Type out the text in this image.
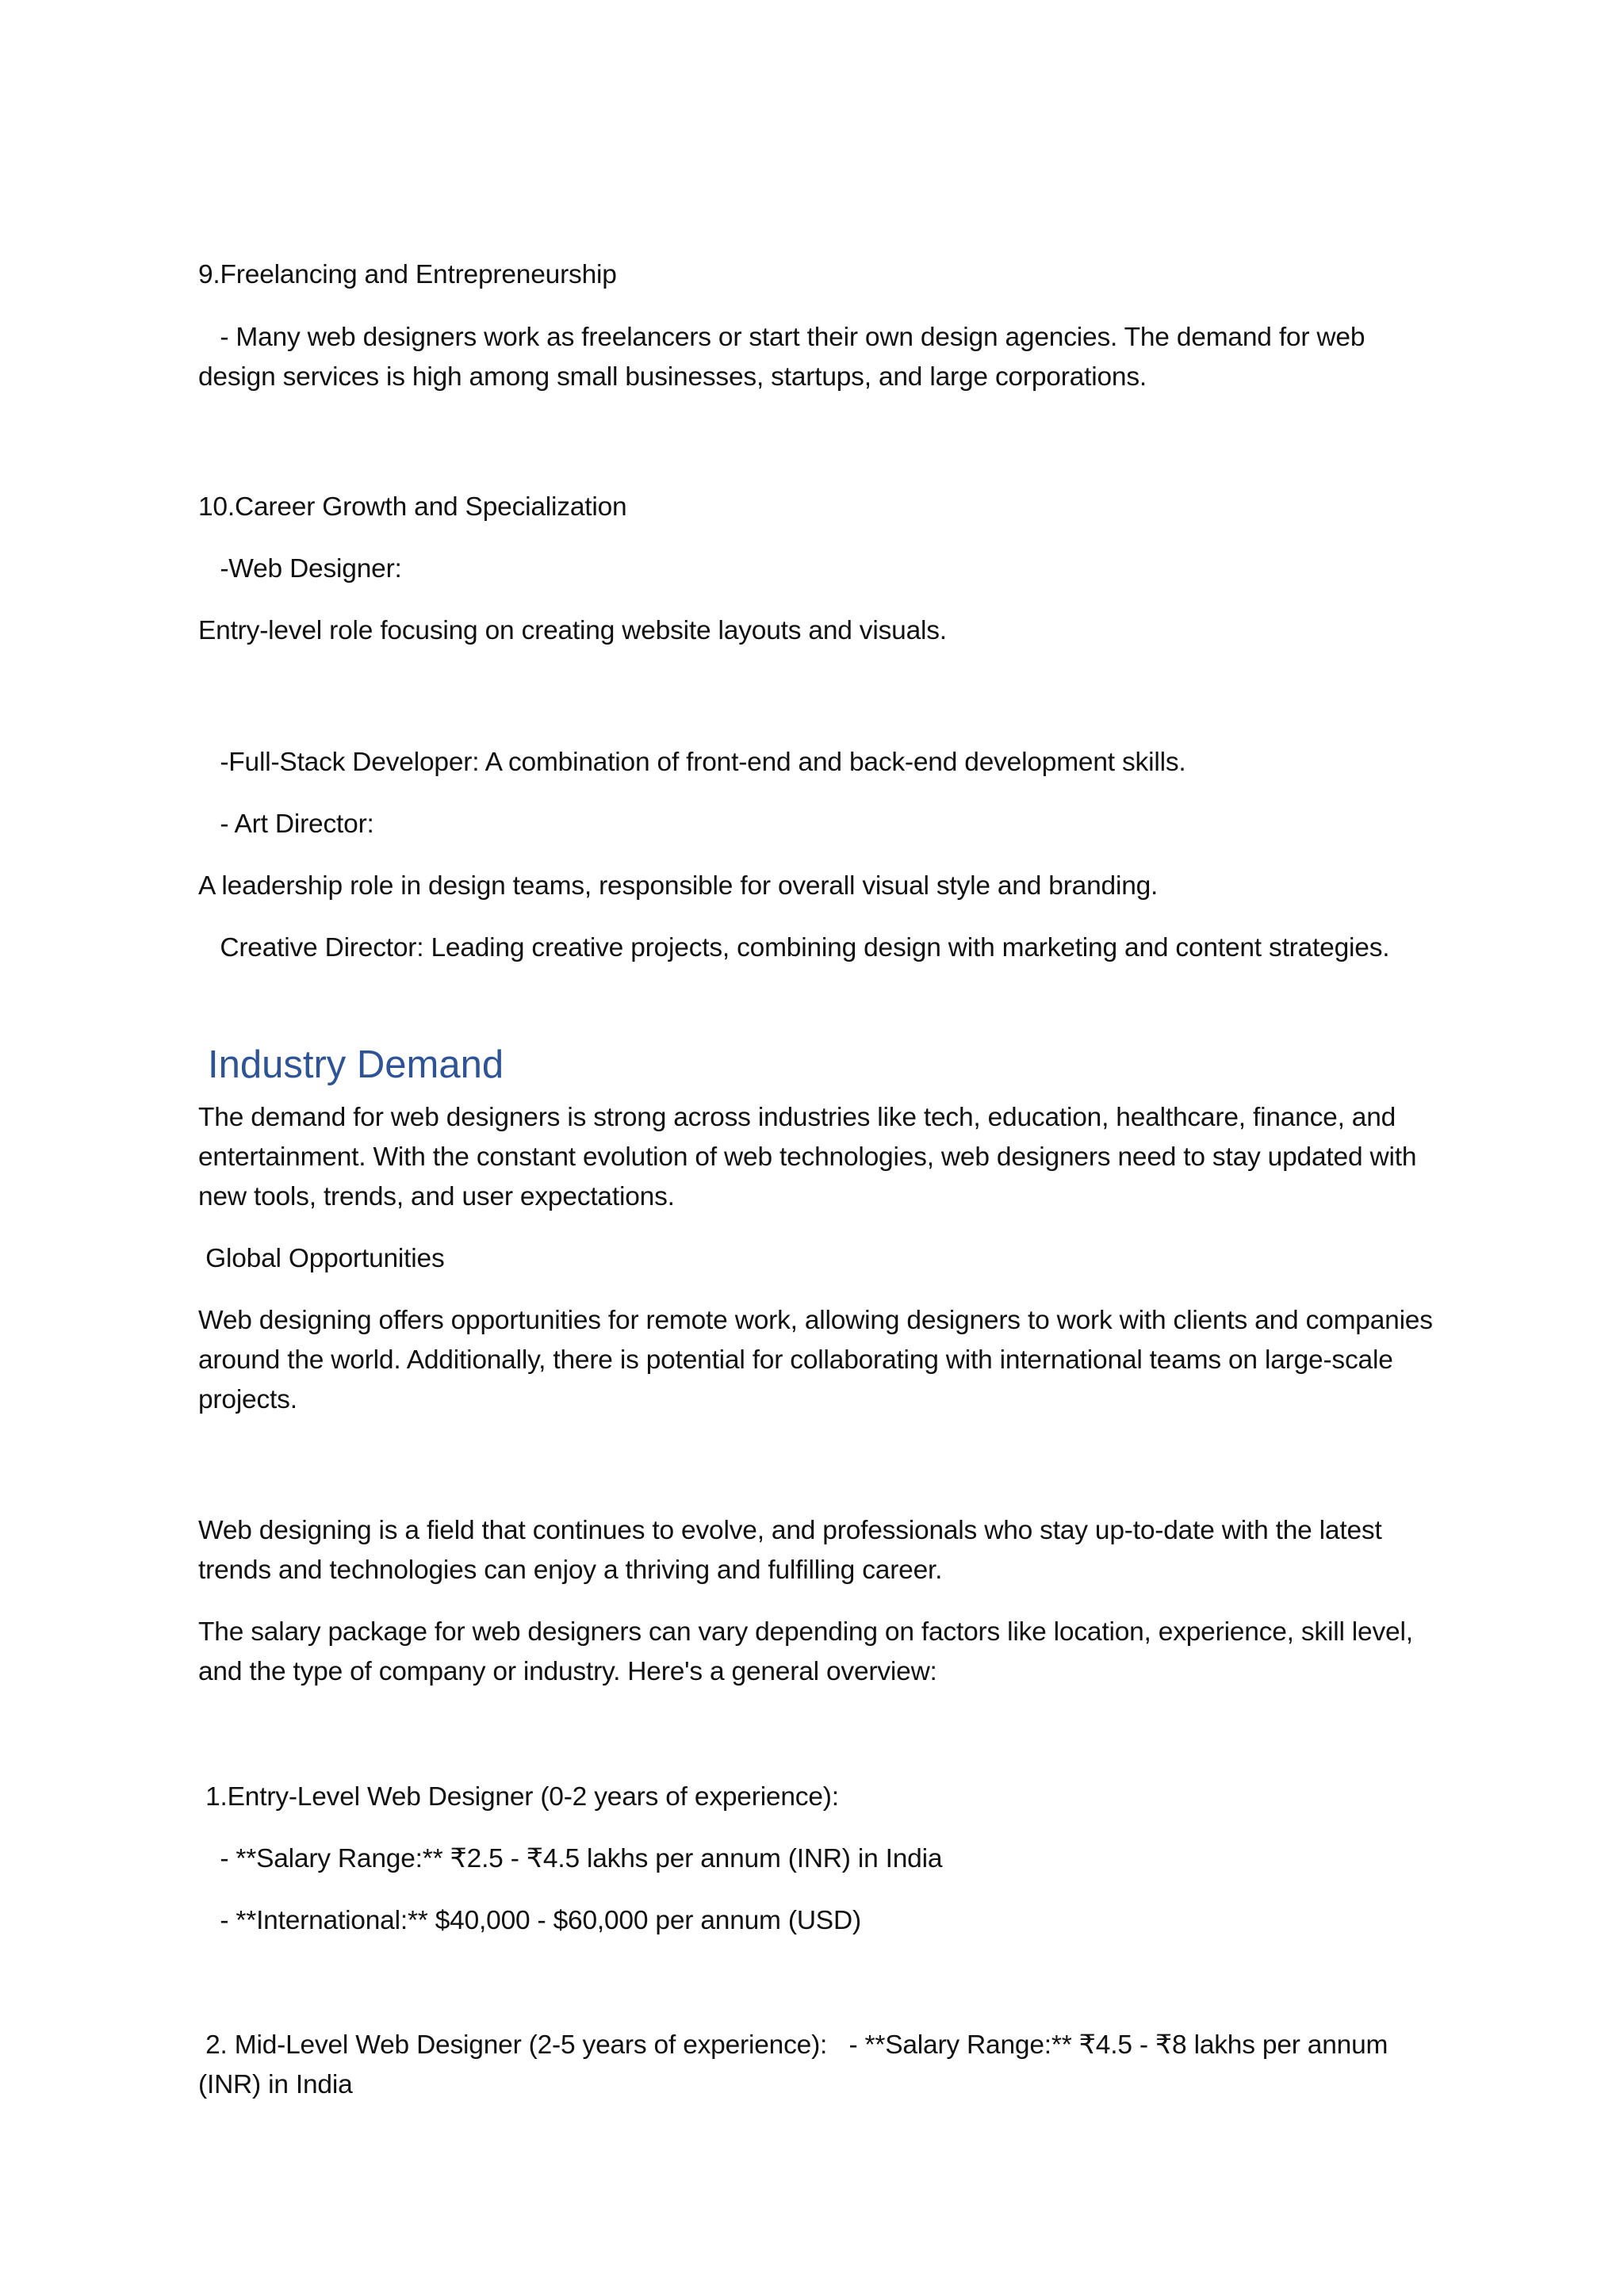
9.Freelancing and Entrepreneurship

- Many web designers work as freelancers or start their own design agencies. The demand for web design services is high among small businesses, startups, and large corporations.

10.Career Growth and Specialization

-Web Designer:

Entry-level role focusing on creating website layouts and visuals.

-Full-Stack Developer: A combination of front-end and back-end development skills.

- Art Director:

A leadership role in design teams, responsible for overall visual style and branding.

Creative Director: Leading creative projects, combining design with marketing and content strategies.

Industry Demand

The demand for web designers is strong across industries like tech, education, healthcare, finance, and entertainment. With the constant evolution of web technologies, web designers need to stay updated with new tools, trends, and user expectations.

Global Opportunities

Web designing offers opportunities for remote work, allowing designers to work with clients and companies around the world. Additionally, there is potential for collaborating with international teams on large-scale projects.

Web designing is a field that continues to evolve, and professionals who stay up-to-date with the latest trends and technologies can enjoy a thriving and fulfilling career.

The salary package for web designers can vary depending on factors like location, experience, skill level, and the type of company or industry. Here's a general overview:

1.Entry-Level Web Designer (0-2 years of experience):

- **Salary Range:** ₹2.5 - ₹4.5 lakhs per annum (INR) in India

- **International:** $40,000 - $60,000 per annum (USD)

2. Mid-Level Web Designer (2-5 years of experience):   - **Salary Range:** ₹4.5 - ₹8 lakhs per annum (INR) in India
